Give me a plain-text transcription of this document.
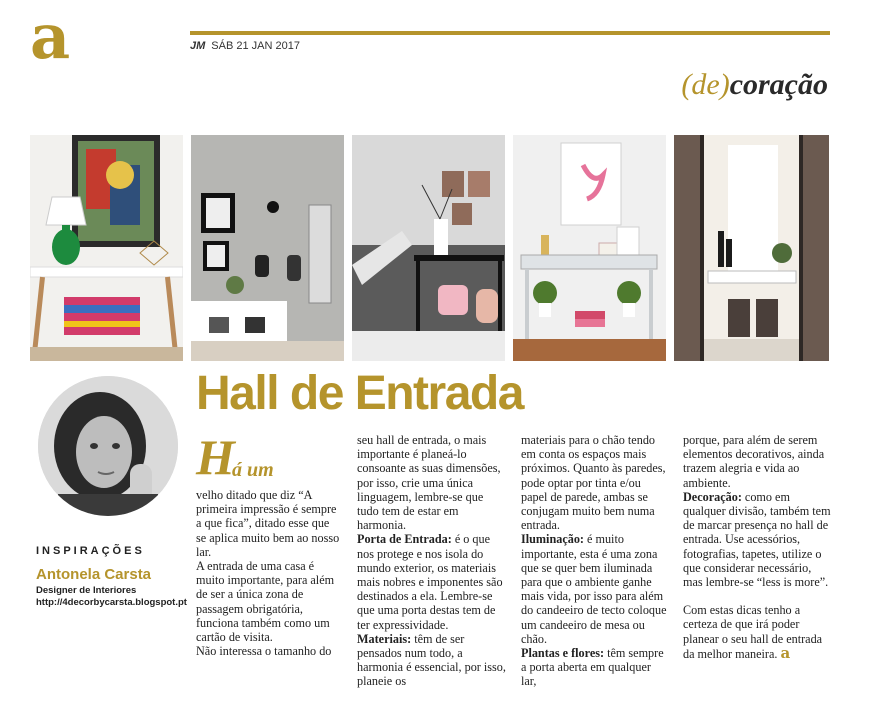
a	JM SÁB 21 JAN 2017
(de)coração
INSPIRAÇÕES
Antonela Carsta
Designer de Interiores
http://4decorbycarsta.blogspot.pt
Hall de Entrada
H
á um

velho ditado que diz “A primeira impressão é sempre a que fica”, ditado esse que se aplica muito bem ao nosso lar.

A entrada de uma casa é muito importante, para além de ser a única zona de passagem obrigatória, funciona também como um cartão de visita.

Não interessa o tamanho do

seu hall de entrada, o mais importante é planeá-lo consoante as suas dimensões, por isso, crie uma única linguagem, lembre-se que tudo tem de estar em harmonia.

Porta de Entrada: é o que nos protege e nos isola do mundo exterior, os materiais mais nobres e imponentes são destinados a ela. Lembre-se que uma porta destas tem de ter expressividade.

Materiais: têm de ser pensados num todo, a harmonia é essencial, por isso, planeie os

materiais para o chão tendo em conta os espaços mais próximos. Quanto às paredes, pode optar por tinta e/ou papel de parede, ambas se conjugam muito bem numa entrada.

Iluminação: é muito importante, esta é uma zona que se quer bem iluminada para que o ambiente ganhe mais vida, por isso para além do candeeiro de tecto coloque um candeeiro de mesa ou chão.

Plantas e flores: têm sempre a porta aberta em qualquer lar,

porque, para além de serem elementos decorativos, ainda trazem alegria e vida ao ambiente.

Decoração: como em qualquer divisão, também tem de marcar presença no hall de entrada. Use acessórios, fotografias, tapetes, utilize o que considerar necessário, mas lembre-se “less is more”.

Com estas dicas tenho a certeza de que irá poder planear o seu hall de entrada da melhor maneira. a
